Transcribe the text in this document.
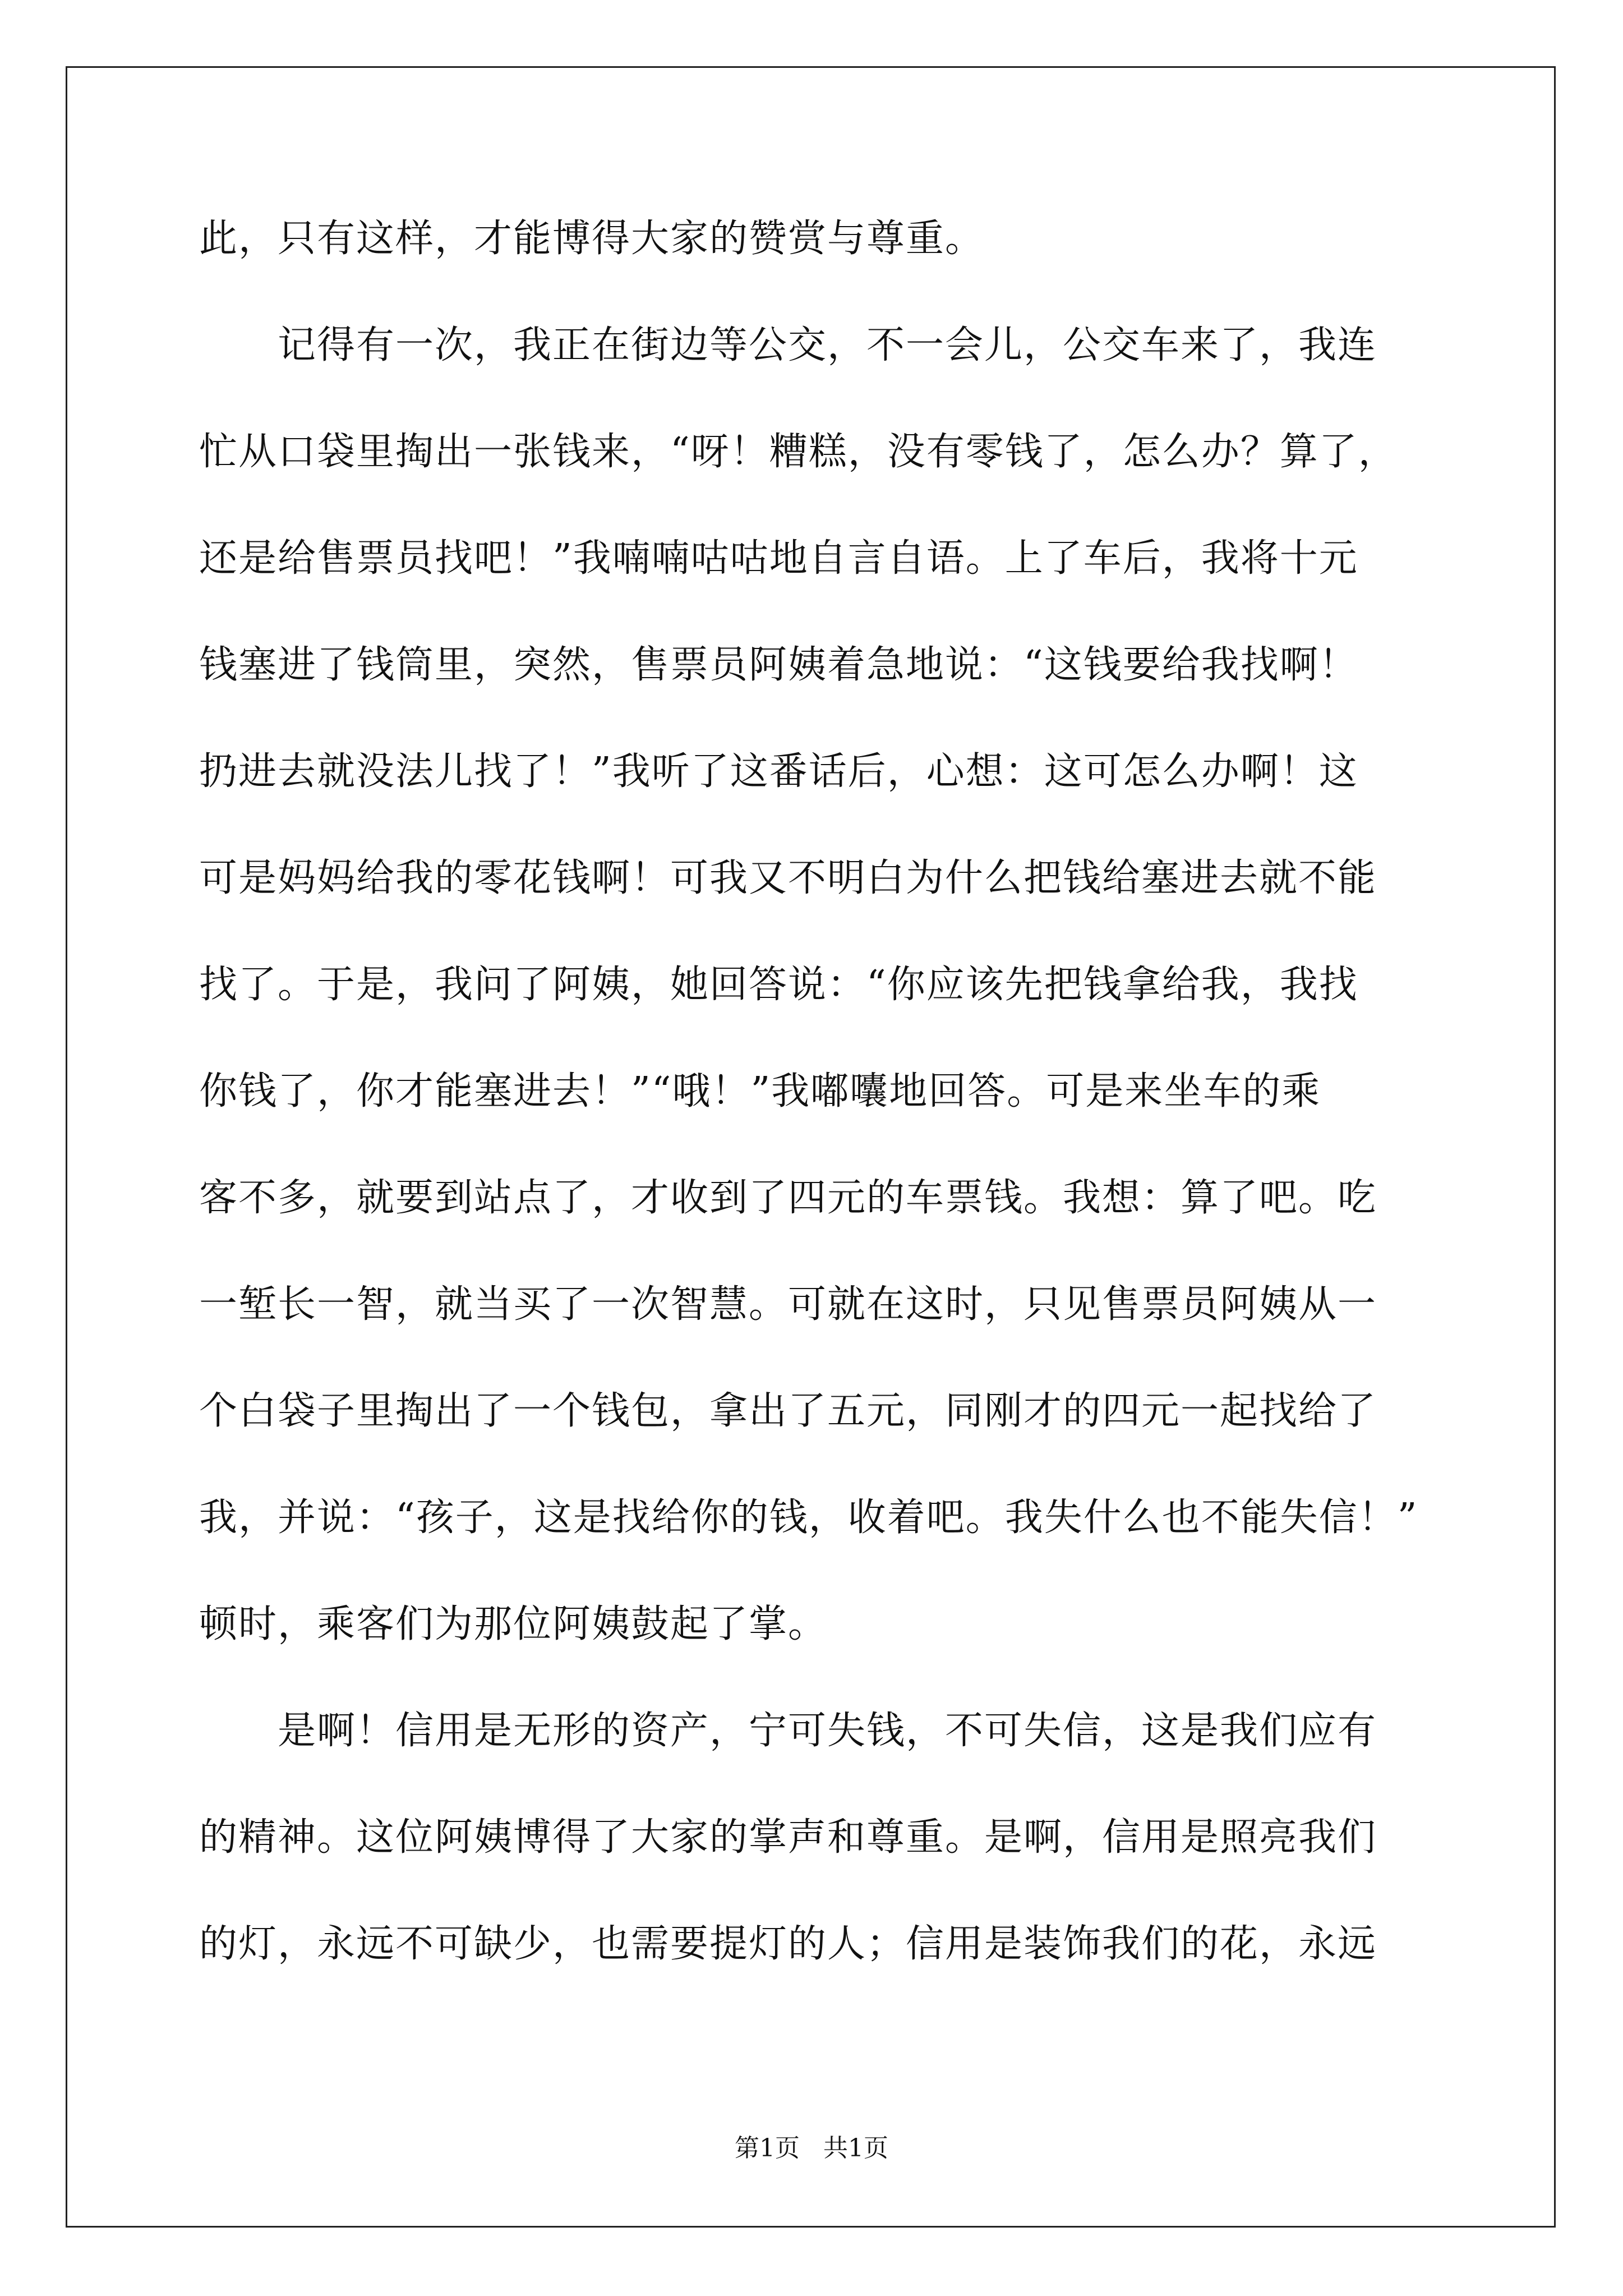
此，只有这样，才能博得大家的赞赏与尊重。
　　记得有一次，我正在街边等公交，不一会儿，公交车来了，我连
忙从口袋里掏出一张钱来，“呀！糟糕，没有零钱了，怎么办？算了，
还是给售票员找吧！”我喃喃咕咕地自言自语。上了车后，我将十元
钱塞进了钱筒里，突然，售票员阿姨着急地说：“这钱要给我找啊！
扔进去就没法儿找了！”我听了这番话后，心想：这可怎么办啊！这
可是妈妈给我的零花钱啊！可我又不明白为什么把钱给塞进去就不能
找了。于是，我问了阿姨，她回答说：“你应该先把钱拿给我，我找
你钱了，你才能塞进去！”“哦！”我嘟囔地回答。可是来坐车的乘
客不多，就要到站点了，才收到了四元的车票钱。我想：算了吧。吃
一堑长一智，就当买了一次智慧。可就在这时，只见售票员阿姨从一
个白袋子里掏出了一个钱包，拿出了五元，同刚才的四元一起找给了
我，并说：“孩子，这是找给你的钱，收着吧。我失什么也不能失信！”
顿时，乘客们为那位阿姨鼓起了掌。
　　是啊！信用是无形的资产，宁可失钱，不可失信，这是我们应有
的精神。这位阿姨博得了大家的掌声和尊重。是啊，信用是照亮我们
的灯，永远不可缺少，也需要提灯的人；信用是装饰我们的花，永远
第1页 共1页
